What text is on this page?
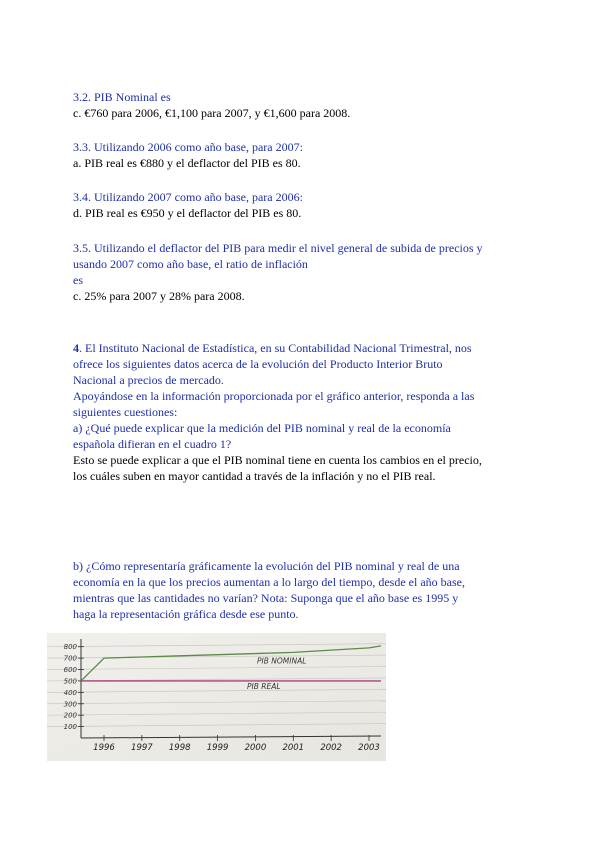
3.2. PIB Nominal es

c. €760 para 2006, €1,100 para 2007, y €1,600 para 2008.

3.3. Utilizando 2006 como año base, para 2007:

a. PIB real es €880 y el deflactor del PIB es 80.

3.4. Utilizando 2007 como año base, para 2006:

d. PIB real es €950 y el deflactor del PIB es 80.

3.5. Utilizando el deflactor del PIB para medir el nivel general de subida de precios y

usando 2007 como año base, el ratio de inflación

es

c. 25% para 2007 y 28% para 2008.

4. El Instituto Nacional de Estadística, en su Contabilidad Nacional Trimestral, nos

ofrece los siguientes datos acerca de la evolución del Producto Interior Bruto

Nacional a precios de mercado.

Apoyándose en la información proporcionada por el gráfico anterior, responda a las

siguientes cuestiones:

a) ¿Qué puede explicar que la medición del PIB nominal y real de la economía

española difieran en el cuadro 1?

Esto se puede explicar a que el PIB nominal tiene en cuenta los cambios en el precio,

los cuáles suben en mayor cantidad a través de la inflación y no el PIB real.

b) ¿Cómo representaría gráficamente la evolución del PIB nominal y real de una

economía en la que los precios aumentan a lo largo del tiempo, desde el año base,

mientras que las cantidades no varían? Nota: Suponga que el año base es 1995 y

haga la representación gráfica desde ese punto.

100
200
300
400
500
600
700
800
1996 1997 1998 1999 2000 2001 2002 2003
PIB NOMINAL
PIB REAL
